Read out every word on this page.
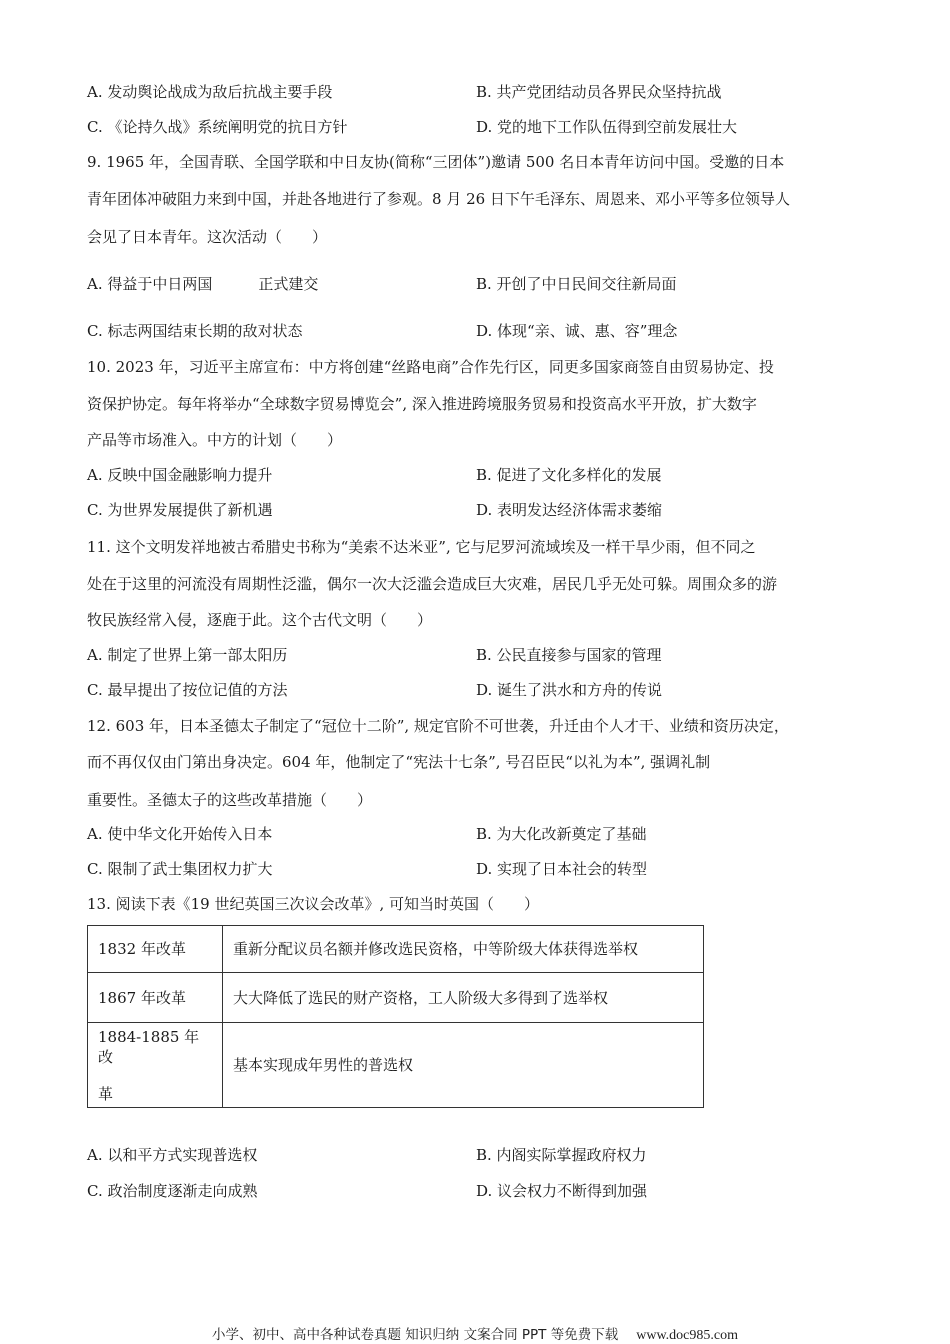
A. 发动舆论战成为敌后抗战主要手段	B. 共产党团结动员各界民众坚持抗战
C. 《论持久战》系统阐明党的抗日方针	D. 党的地下工作队伍得到空前发展壮大
9. 1965 年，全国青联、全国学联和中日友协(简称“三团体”)邀请 500 名日本青年访问中国。受邀的日本
青年团体冲破阻力来到中国，并赴各地进行了参观。8 月 26 日下午毛泽东、周恩来、邓小平等多位领导人
会见了日本青年。这次活动（　　）
A. 得益于中日两国	正式建交	B. 开创了中日民间交往新局面
C. 标志两国结束长期的敌对状态	D. 体现“亲、诚、惠、容”理念
10. 2023 年，习近平主席宣布：中方将创建“丝路电商”合作先行区，同更多国家商签自由贸易协定、投
资保护协定。每年将举办“全球数字贸易博览会”, 深入推进跨境服务贸易和投资高水平开放，扩大数字
产品等市场准入。中方的计划（　　）
A. 反映中国金融影响力提升	B. 促进了文化多样化的发展
C. 为世界发展提供了新机遇	D. 表明发达经济体需求萎缩
11. 这个文明发祥地被古希腊史书称为“美索不达米亚”, 它与尼罗河流域埃及一样干旱少雨，但不同之
处在于这里的河流没有周期性泛滥，偶尔一次大泛滥会造成巨大灾难，居民几乎无处可躲。周围众多的游
牧民族经常入侵，逐鹿于此。这个古代文明（　　）
A. 制定了世界上第一部太阳历	B. 公民直接参与国家的管理
C. 最早提出了按位记值的方法	D. 诞生了洪水和方舟的传说
12. 603 年，日本圣德太子制定了“冠位十二阶”, 规定官阶不可世袭，升迁由个人才干、业绩和资历决定，
而不再仅仅由门第出身决定。604 年，他制定了“宪法十七条”, 号召臣民“以礼为本”, 强调礼制
重要性。圣德太子的这些改革措施（　　）
A. 使中华文化开始传入日本	B. 为大化改新奠定了基础
C. 限制了武士集团权力扩大	D. 实现了日本社会的转型
13. 阅读下表《19 世纪英国三次议会改革》, 可知当时英国（　　）
1832 年改革	重新分配议员名额并修改选民资格，中等阶级大体获得选举权
1867 年改革	大大降低了选民的财产资格，工人阶级大多得到了选举权

1884-1885 年改
革	基本实现成年男性的普选权
A. 以和平方式实现普选权	B. 内阁实际掌握政府权力
C. 政治制度逐渐走向成熟	D. 议会权力不断得到加强
小学、初中、高中各种试卷真题 知识归纳 文案合同 PPT 等免费下载 www.doc985.com
